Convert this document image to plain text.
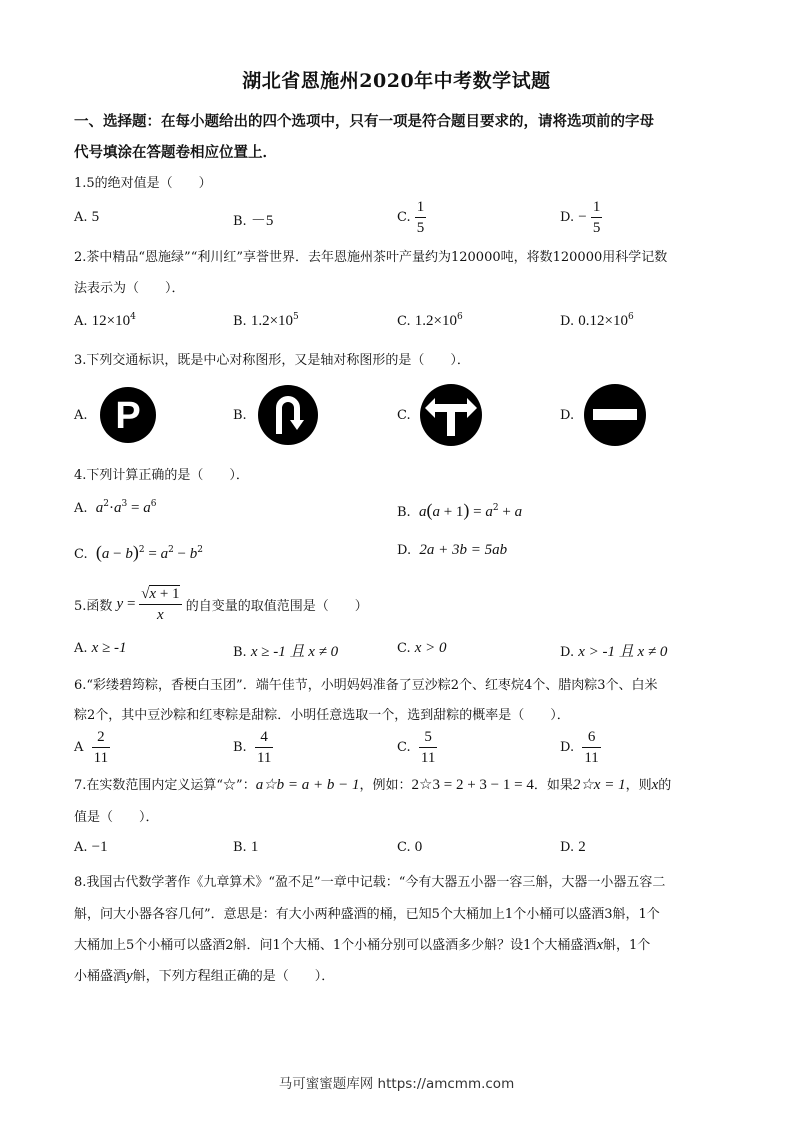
湖北省恩施州2020年中考数学试题
一、选择题：在每小题给出的四个选项中，只有一项是符合题目要求的，请将选项前的字母
代号填涂在答题卷相应位置上．
1.5的绝对值是（　　）
A. 5	B. －5	C. $\frac{1}{5}$	D. − $\frac{1}{5}$
2.茶中精品“恩施绿”“利川红”享誉世界．去年恩施州茶叶产量约为120000吨，将数120000用科学记数
法表示为（　　）．
A. $12\times 10^4$	B. $1.2\times 10^5$	C. $1.2\times 10^6$	D. $0.12\times 10^6$
3.下列交通标识，既是中心对称图形，又是轴对称图形的是（　　）．
A. P	B.	C.	D.
4.下列计算正确的是（　　）．
A. $a^2\cdot a^3 = a^6$
B. $a(a + 1) = a^2 + a$
C. $(a - b)^2 = a^2 - b^2$	D. 2a + 3b = 5ab
5.函数 $y = \frac{√x + 1}{x}$ 的自变量的取值范围是（　　）
A. x ≥ -1	B. x ≥ -1 且 x ≠ 0	C. x > 0	D. x > -1 且 x ≠ 0
6.“彩缕碧筠粽，香梗白玉团”．端午佳节，小明妈妈准备了豆沙粽2个、红枣烷4个、腊肉粽3个、白米
粽2个，其中豆沙粽和红枣粽是甜粽．小明任意选取一个，选到甜粽的概率是（　　）．
A $\frac{2}{11}$	B. $\frac{4}{11}$	C. $\frac{5}{11}$	D. $\frac{6}{11}$
7.在实数范围内定义运算“☆”：a☆b = a + b − 1，例如：2☆3 = 2 + 3 − 1 = 4．如果2☆x = 1，则x的
值是（　　）．
A. −1	B. 1	C. 0	D. 2
8.我国古代数学著作《九章算术》“盈不足”一章中记载：“今有大器五小器一容三斛，大器一小器五容二
斛，问大小器各容几何”．意思是：有大小两种盛酒的桶，已知5个大桶加上1个小桶可以盛酒3斛，1个
大桶加上5个小桶可以盛酒2斛．问1个大桶、1个小桶分别可以盛酒多少斛？设1个大桶盛酒x斛，1个
小桶盛酒y斛，下列方程组正确的是（　　）．
马可蜜蜜题库网 https://amcmm.com
